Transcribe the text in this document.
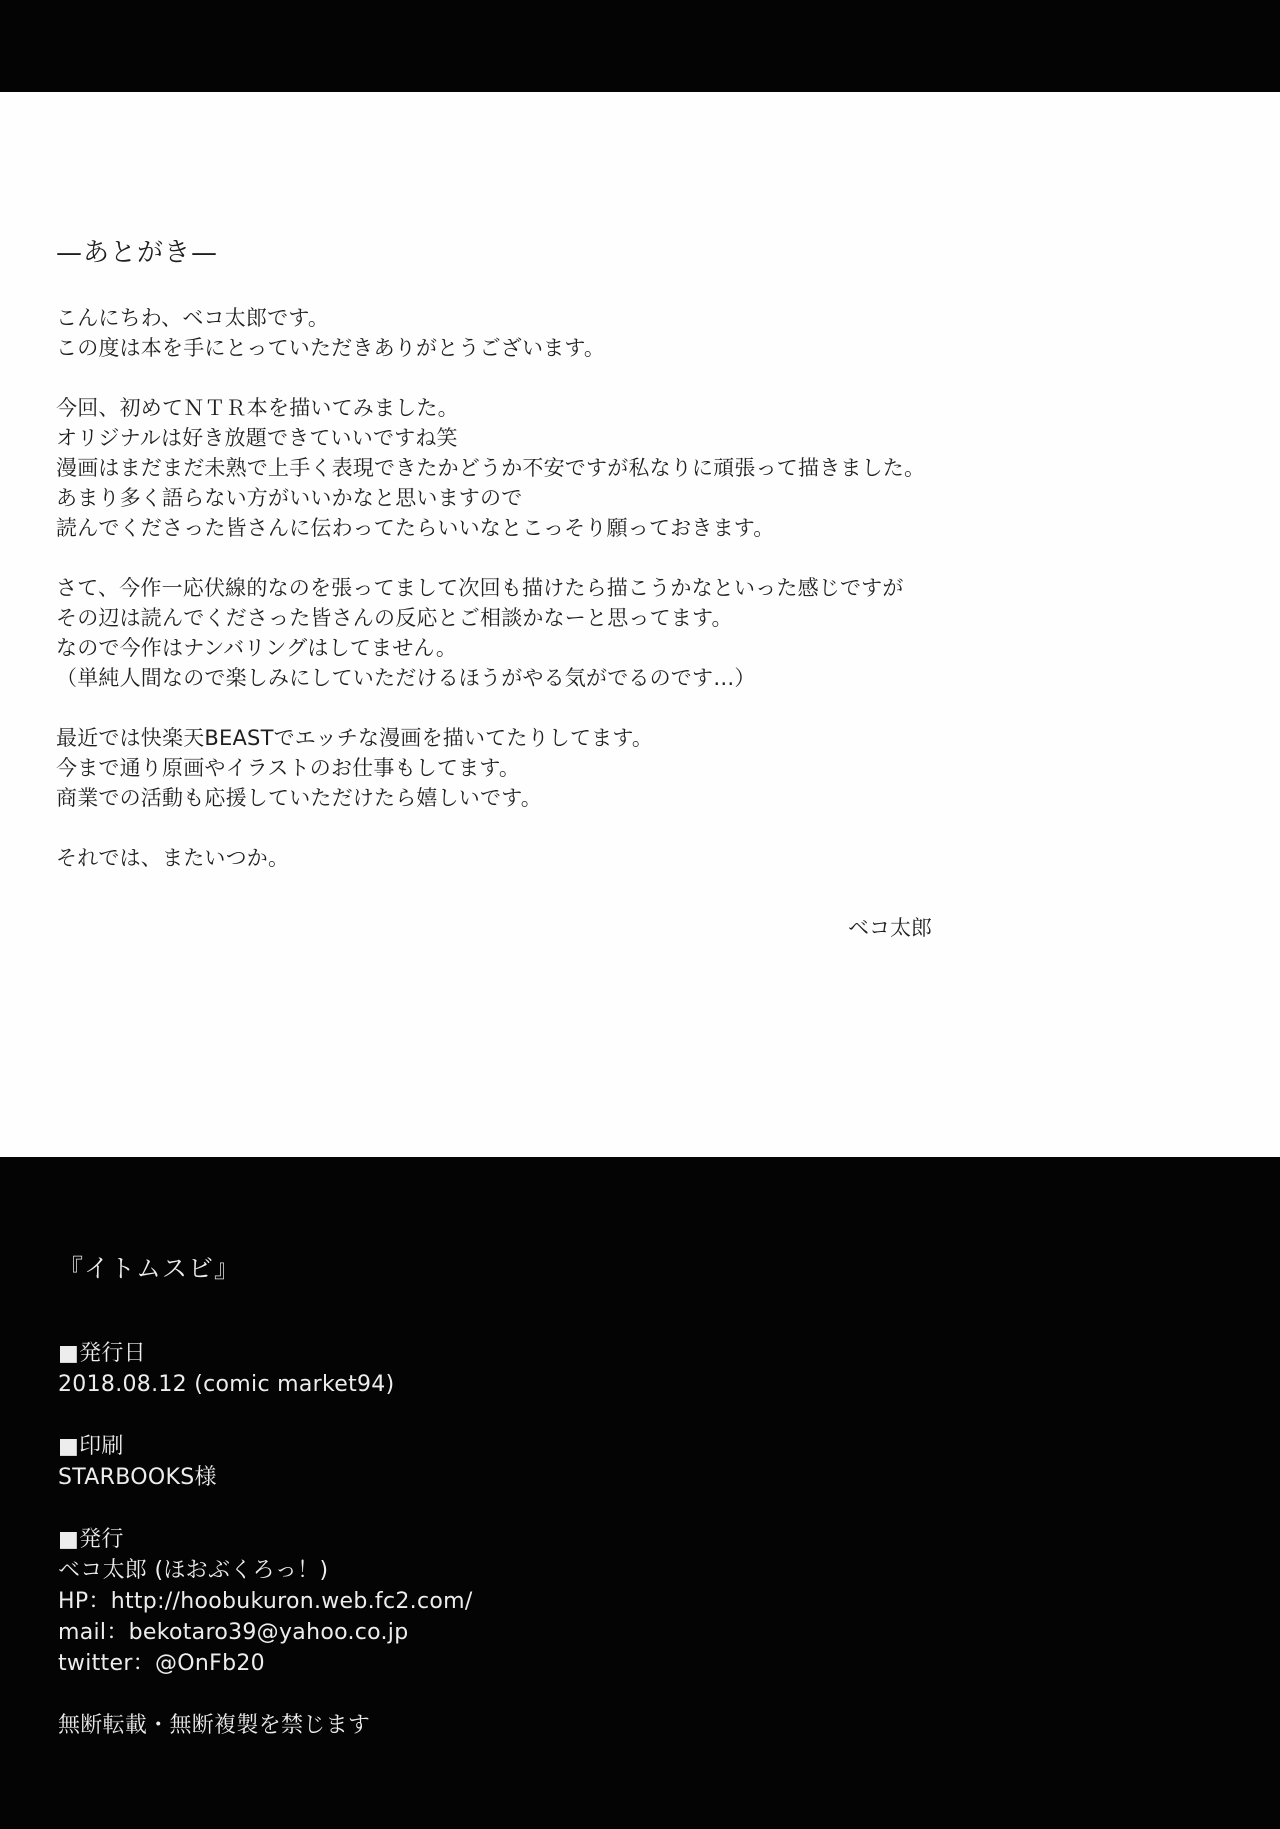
—あとがき—
こんにちわ、ベコ太郎です。
この度は本を手にとっていただきありがとうございます。
今回、初めてＮＴＲ本を描いてみました。
オリジナルは好き放題できていいですね笑
漫画はまだまだ未熟で上手く表現できたかどうか不安ですが私なりに頑張って描きました。
あまり多く語らない方がいいかなと思いますので
読んでくださった皆さんに伝わってたらいいなとこっそり願っておきます。
さて、今作一応伏線的なのを張ってまして次回も描けたら描こうかなといった感じですが
その辺は読んでくださった皆さんの反応とご相談かなーと思ってます。
なので今作はナンバリングはしてません。
（単純人間なので楽しみにしていただけるほうがやる気がでるのです…）
最近では快楽天BEASTでエッチな漫画を描いてたりしてます。
今まで通り原画やイラストのお仕事もしてます。
商業での活動も応援していただけたら嬉しいです。
それでは、またいつか。
ベコ太郎
『イトムスビ』
■発行日
2018.08.12 (comic market94)
■印刷
STARBOOKS様
■発行
ベコ太郎 (ほおぶくろっ！)
HP：http://hoobukuron.web.fc2.com/
mail：bekotaro39@yahoo.co.jp
twitter：@OnFb20
無断転載・無断複製を禁じます
